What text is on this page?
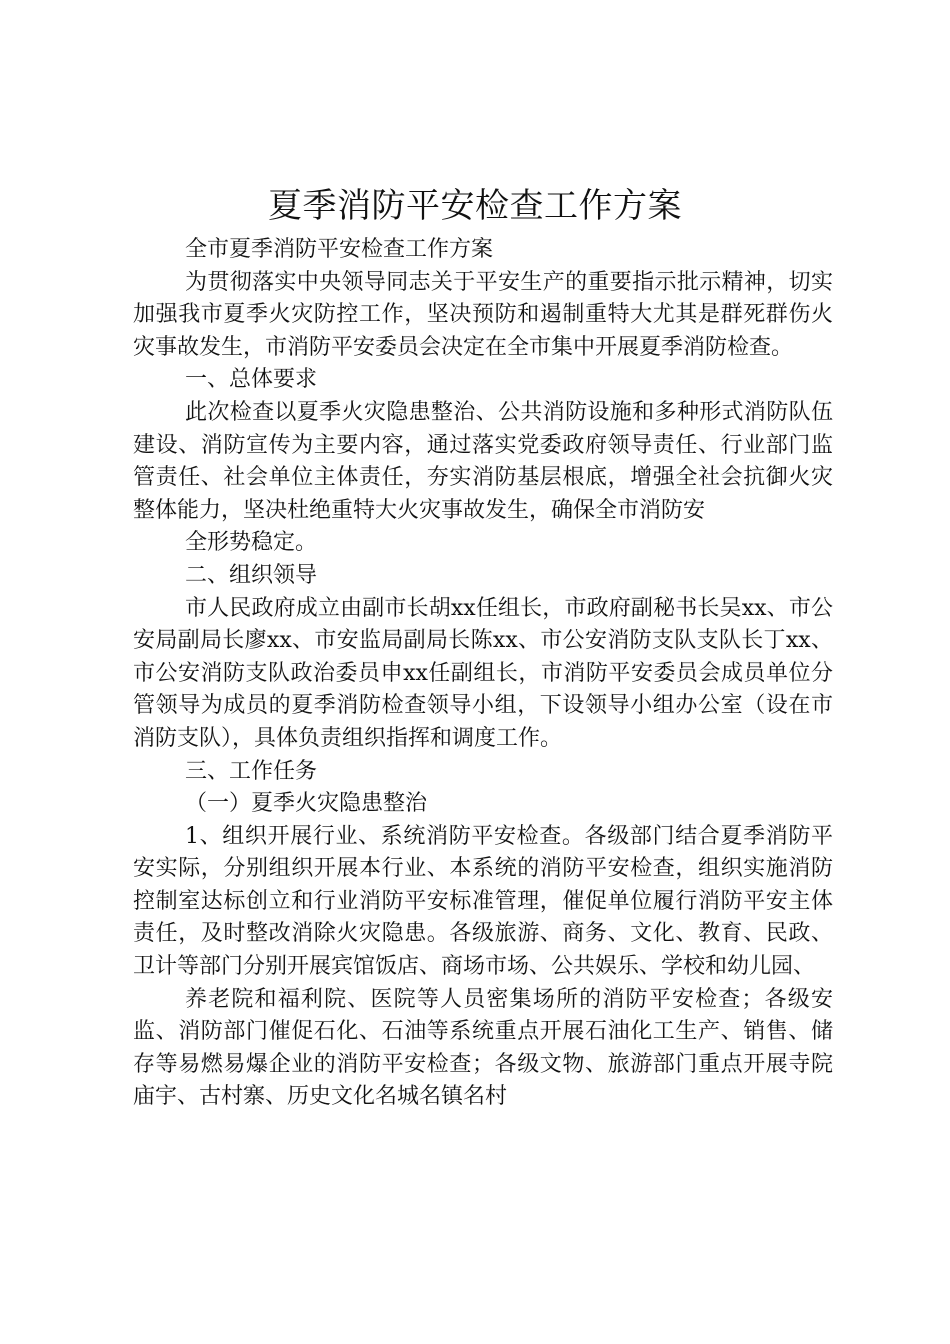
夏季消防平安检查工作方案

全市夏季消防平安检查工作方案

为贯彻落实中央领导同志关于平安生产的重要指示批示精神，切实加强我市夏季火灾防控工作，坚决预防和遏制重特大尤其是群死群伤火灾事故发生，市消防平安委员会决定在全市集中开展夏季消防检查。

一、总体要求

此次检查以夏季火灾隐患整治、公共消防设施和多种形式消防队伍建设、消防宣传为主要内容，通过落实党委政府领导责任、行业部门监管责任、社会单位主体责任，夯实消防基层根底，增强全社会抗御火灾整体能力，坚决杜绝重特大火灾事故发生，确保全市消防安

全形势稳定。

二、组织领导

市人民政府成立由副市长胡xx任组长，市政府副秘书长吴xx、市公安局副局长廖xx、市安监局副局长陈xx、市公安消防支队支队长丁xx、市公安消防支队政治委员申xx任副组长，市消防平安委员会成员单位分管领导为成员的夏季消防检查领导小组，下设领导小组办公室（设在市消防支队），具体负责组织指挥和调度工作。

三、工作任务

（一）夏季火灾隐患整治

1、组织开展行业、系统消防平安检查。各级部门结合夏季消防平安实际，分别组织开展本行业、本系统的消防平安检查，组织实施消防控制室达标创立和行业消防平安标准管理，催促单位履行消防平安主体责任，及时整改消除火灾隐患。各级旅游、商务、文化、教育、民政、卫计等部门分别开展宾馆饭店、商场市场、公共娱乐、学校和幼儿园、

养老院和福利院、医院等人员密集场所的消防平安检查；各级安监、消防部门催促石化、石油等系统重点开展石油化工生产、销售、储存等易燃易爆企业的消防平安检查；各级文物、旅游部门重点开展寺院庙宇、古村寨、历史文化名城名镇名村
